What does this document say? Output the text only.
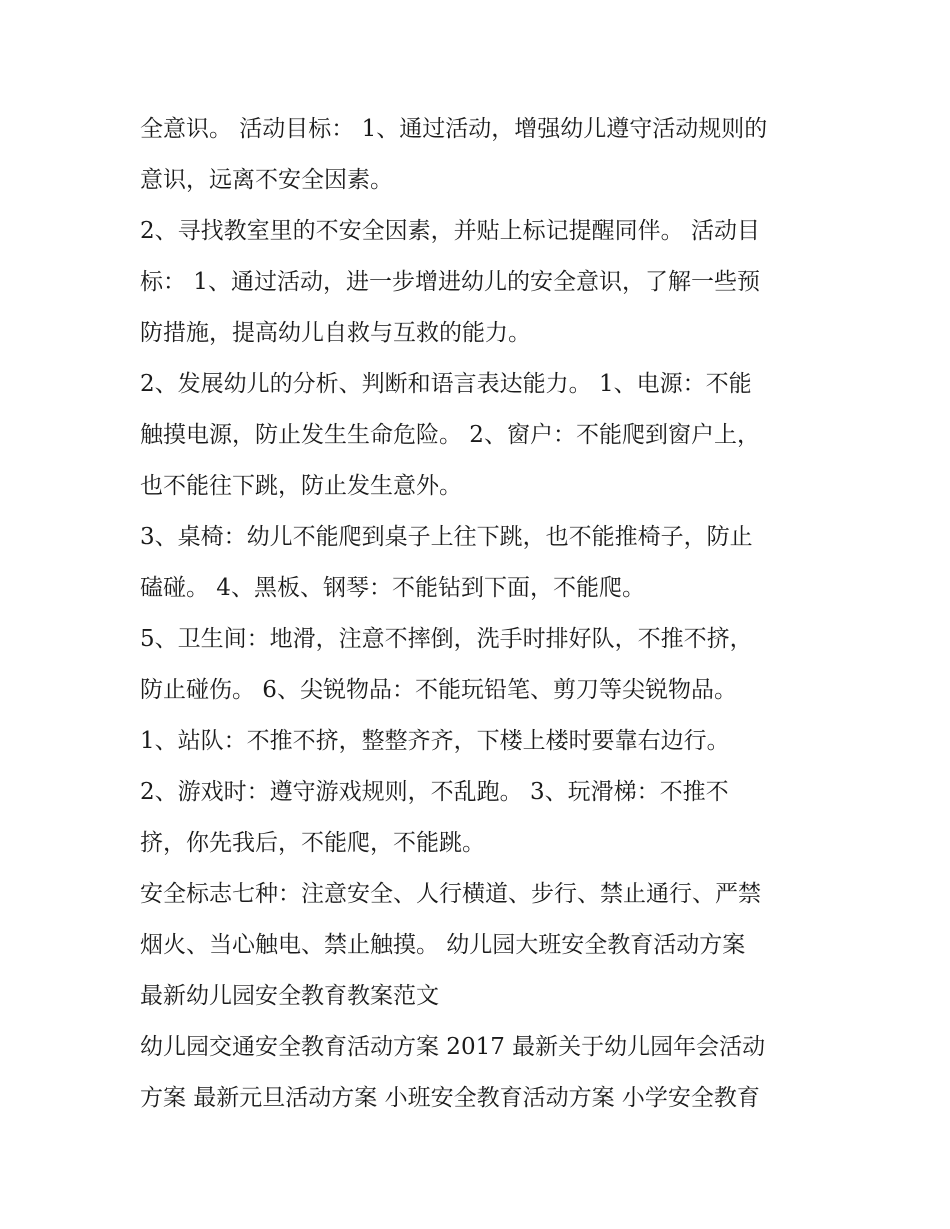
全意识。 活动目标： 1、通过活动，增强幼儿遵守活动规则的

意识，远离不安全因素。

2、寻找教室里的不安全因素，并贴上标记提醒同伴。 活动目

标： 1、通过活动，进一步增进幼儿的安全意识，了解一些预

防措施，提高幼儿自救与互救的能力。

2、发展幼儿的分析、判断和语言表达能力。 1、电源：不能

触摸电源，防止发生生命危险。 2、窗户：不能爬到窗户上，

也不能往下跳，防止发生意外。

3、桌椅：幼儿不能爬到桌子上往下跳，也不能推椅子，防止

磕碰。 4、黑板、钢琴：不能钻到下面，不能爬。

5、卫生间：地滑，注意不摔倒，洗手时排好队，不推不挤，

防止碰伤。 6、尖锐物品：不能玩铅笔、剪刀等尖锐物品。

1、站队：不推不挤，整整齐齐，下楼上楼时要靠右边行。

2、游戏时：遵守游戏规则，不乱跑。 3、玩滑梯：不推不

挤，你先我后，不能爬，不能跳。

安全标志七种：注意安全、人行横道、步行、禁止通行、严禁

烟火、当心触电、禁止触摸。 幼儿园大班安全教育活动方案

最新幼儿园安全教育教案范文

幼儿园交通安全教育活动方案 2017 最新关于幼儿园年会活动

方案 最新元旦活动方案 小班安全教育活动方案 小学安全教育
